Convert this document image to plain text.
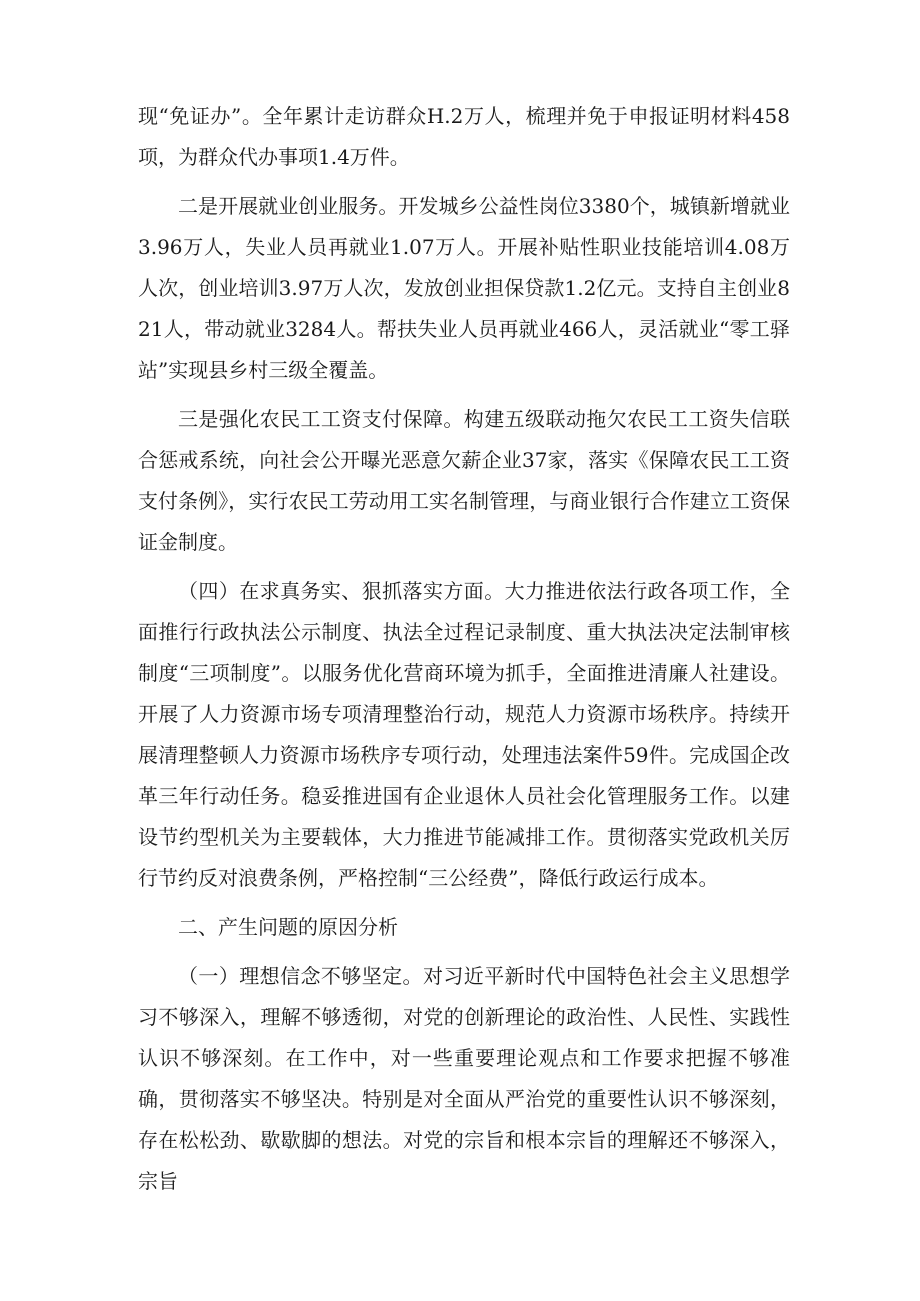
现“免证办”。全年累计走访群众H.2万人，梳理并免于申报证明材料458项，为群众代办事项1.4万件。

二是开展就业创业服务。开发城乡公益性岗位3380个，城镇新增就业3.96万人，失业人员再就业1.07万人。开展补贴性职业技能培训4.08万人次，创业培训3.97万人次，发放创业担保贷款1.2亿元。支持自主创业821人，带动就业3284人。帮扶失业人员再就业466人，灵活就业“零工驿站”实现县乡村三级全覆盖。

三是强化农民工工资支付保障。构建五级联动拖欠农民工工资失信联合惩戒系统，向社会公开曝光恶意欠薪企业37家，落实《保障农民工工资支付条例》，实行农民工劳动用工实名制管理，与商业银行合作建立工资保证金制度。

（四）在求真务实、狠抓落实方面。大力推进依法行政各项工作，全面推行行政执法公示制度、执法全过程记录制度、重大执法决定法制审核制度“三项制度”。以服务优化营商环境为抓手，全面推进清廉人社建设。开展了人力资源市场专项清理整治行动，规范人力资源市场秩序。持续开展清理整顿人力资源市场秩序专项行动，处理违法案件59件。完成国企改革三年行动任务。稳妥推进国有企业退休人员社会化管理服务工作。以建设节约型机关为主要载体，大力推进节能减排工作。贯彻落实党政机关厉行节约反对浪费条例，严格控制“三公经费”，降低行政运行成本。

二、产生问题的原因分析

（一）理想信念不够坚定。对习近平新时代中国特色社会主义思想学习不够深入，理解不够透彻，对党的创新理论的政治性、人民性、实践性认识不够深刻。在工作中，对一些重要理论观点和工作要求把握不够准确，贯彻落实不够坚决。特别是对全面从严治党的重要性认识不够深刻，存在松松劲、歇歇脚的想法。对党的宗旨和根本宗旨的理解还不够深入，宗旨
